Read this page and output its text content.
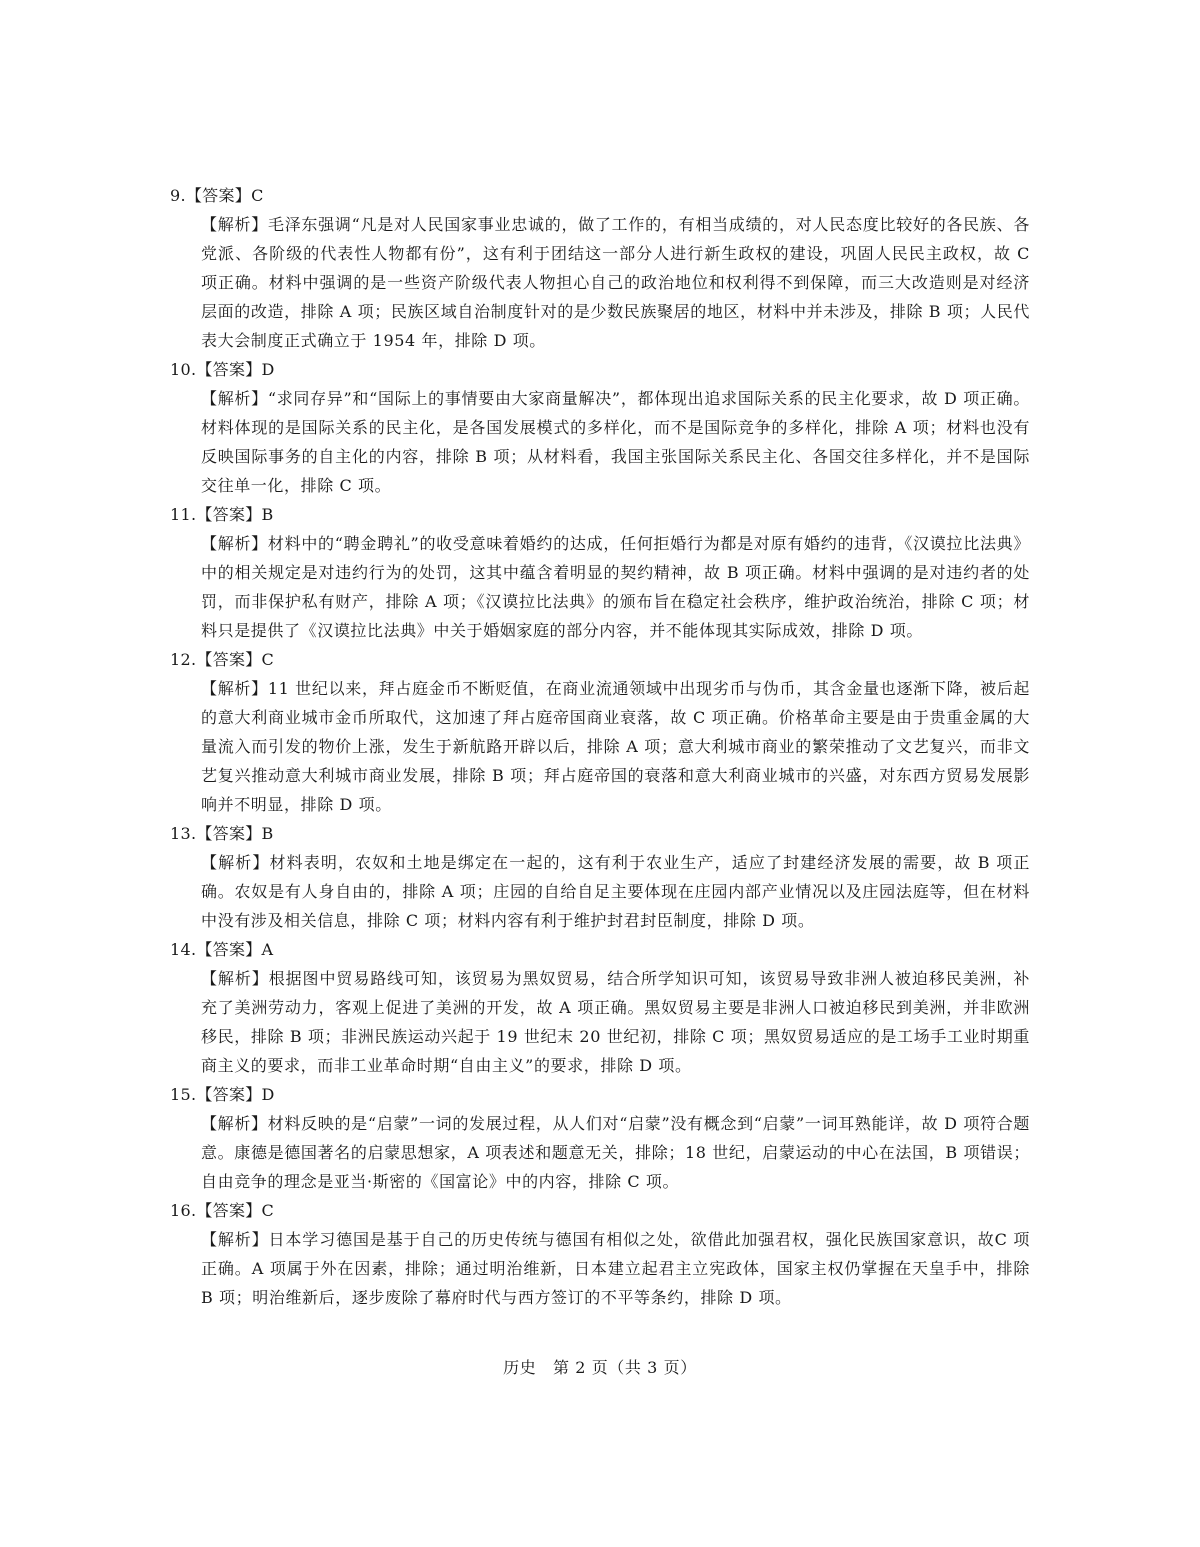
9.【答案】C
【解析】毛泽东强调“凡是对人民国家事业忠诚的，做了工作的，有相当成绩的，对人民态度比较好的各民族、各党派、各阶级的代表性人物都有份”，这有利于团结这一部分人进行新生政权的建设，巩固人民民主政权，故 C 项正确。材料中强调的是一些资产阶级代表人物担心自己的政治地位和权利得不到保障，而三大改造则是对经济层面的改造，排除 A 项；民族区域自治制度针对的是少数民族聚居的地区，材料中并未涉及，排除 B 项；人民代表大会制度正式确立于 1954 年，排除 D 项。
10.【答案】D
【解析】“求同存异”和“国际上的事情要由大家商量解决”，都体现出追求国际关系的民主化要求，故 D 项正确。材料体现的是国际关系的民主化，是各国发展模式的多样化，而不是国际竞争的多样化，排除 A 项；材料也没有反映国际事务的自主化的内容，排除 B 项；从材料看，我国主张国际关系民主化、各国交往多样化，并不是国际交往单一化，排除 C 项。
11.【答案】B
【解析】材料中的“聘金聘礼”的收受意味着婚约的达成，任何拒婚行为都是对原有婚约的违背，《汉谟拉比法典》中的相关规定是对违约行为的处罚，这其中蕴含着明显的契约精神，故 B 项正确。材料中强调的是对违约者的处罚，而非保护私有财产，排除 A 项；《汉谟拉比法典》的颁布旨在稳定社会秩序，维护政治统治，排除 C 项；材料只是提供了《汉谟拉比法典》中关于婚姻家庭的部分内容，并不能体现其实际成效，排除 D 项。
12.【答案】C
【解析】11 世纪以来，拜占庭金币不断贬值，在商业流通领域中出现劣币与伪币，其含金量也逐渐下降，被后起的意大利商业城市金币所取代，这加速了拜占庭帝国商业衰落，故 C 项正确。价格革命主要是由于贵重金属的大量流入而引发的物价上涨，发生于新航路开辟以后，排除 A 项；意大利城市商业的繁荣推动了文艺复兴，而非文艺复兴推动意大利城市商业发展，排除 B 项；拜占庭帝国的衰落和意大利商业城市的兴盛，对东西方贸易发展影响并不明显，排除 D 项。
13.【答案】B
【解析】材料表明，农奴和土地是绑定在一起的，这有利于农业生产，适应了封建经济发展的需要，故 B 项正确。农奴是有人身自由的，排除 A 项；庄园的自给自足主要体现在庄园内部产业情况以及庄园法庭等，但在材料中没有涉及相关信息，排除 C 项；材料内容有利于维护封君封臣制度，排除 D 项。
14.【答案】A
【解析】根据图中贸易路线可知，该贸易为黑奴贸易，结合所学知识可知，该贸易导致非洲人被迫移民美洲，补充了美洲劳动力，客观上促进了美洲的开发，故 A 项正确。黑奴贸易主要是非洲人口被迫移民到美洲，并非欧洲移民，排除 B 项；非洲民族运动兴起于 19 世纪末 20 世纪初，排除 C 项；黑奴贸易适应的是工场手工业时期重商主义的要求，而非工业革命时期“自由主义”的要求，排除 D 项。
15.【答案】D
【解析】材料反映的是“启蒙”一词的发展过程，从人们对“启蒙”没有概念到“启蒙”一词耳熟能详，故 D 项符合题意。康德是德国著名的启蒙思想家，A 项表述和题意无关，排除；18 世纪，启蒙运动的中心在法国，B 项错误；自由竞争的理念是亚当·斯密的《国富论》中的内容，排除 C 项。
16.【答案】C
【解析】日本学习德国是基于自己的历史传统与德国有相似之处，欲借此加强君权，强化民族国家意识，故C 项正确。A 项属于外在因素，排除；通过明治维新，日本建立起君主立宪政体，国家主权仍掌握在天皇手中，排除 B 项；明治维新后，逐步废除了幕府时代与西方签订的不平等条约，排除 D 项。
历史　第 2 页（共 3 页）
